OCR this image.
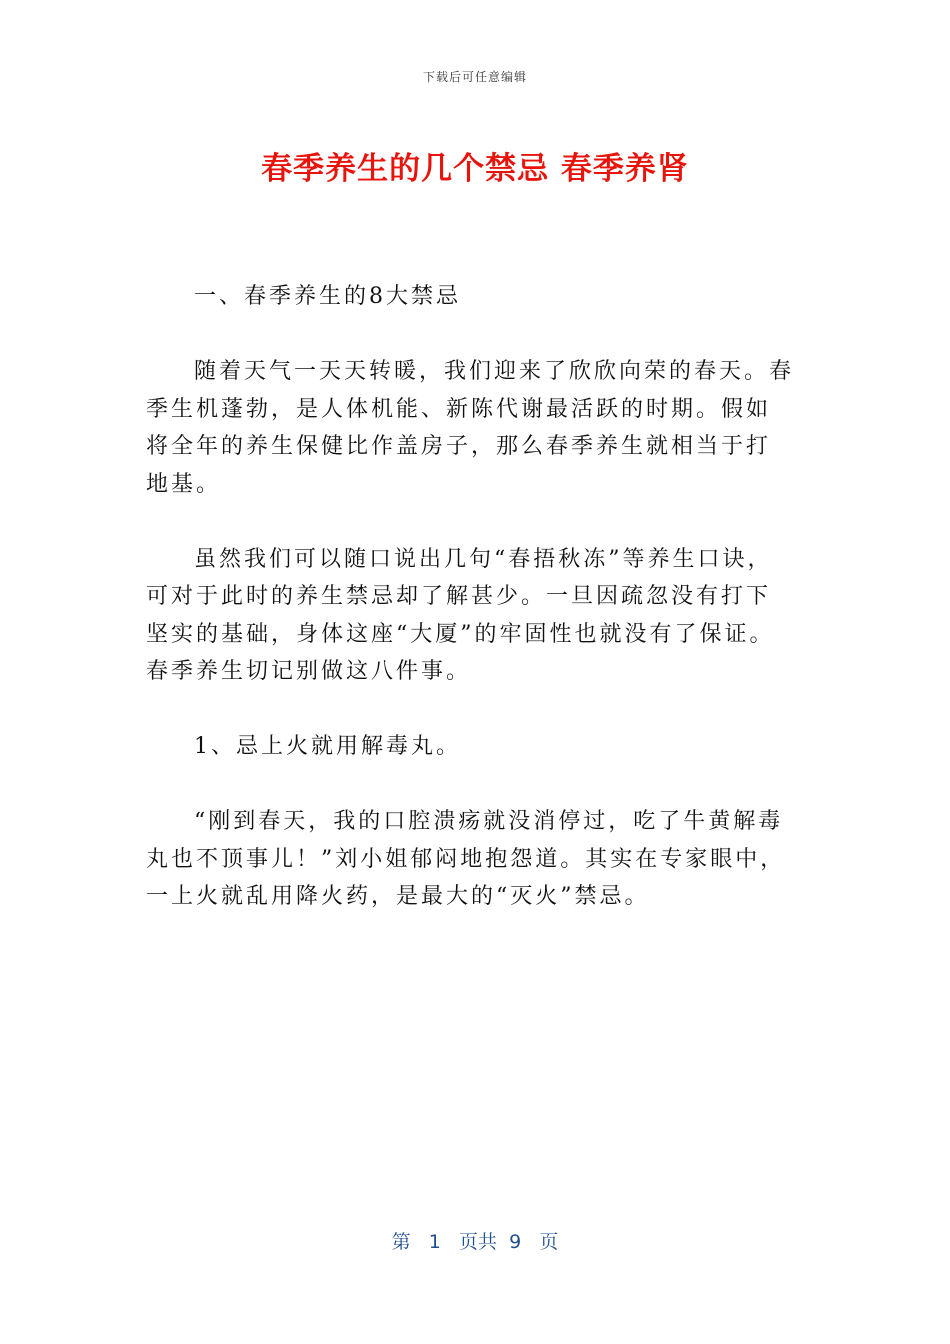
下载后可任意编辑
春季养生的几个禁忌 春季养肾

一、春季养生的8大禁忌

随着天气一天天转暖，我们迎来了欣欣向荣的春天。春季生机蓬勃，是人体机能、新陈代谢最活跃的时期。假如将全年的养生保健比作盖房子，那么春季养生就相当于打地基。

虽然我们可以随口说出几句“春捂秋冻”等养生口诀，可对于此时的养生禁忌却了解甚少。一旦因疏忽没有打下坚实的基础，身体这座“大厦”的牢固性也就没有了保证。春季养生切记别做这八件事。

1、忌上火就用解毒丸。

“刚到春天，我的口腔溃疡就没消停过，吃了牛黄解毒丸也不顶事儿！”刘小姐郁闷地抱怨道。其实在专家眼中，一上火就乱用降火药，是最大的“灭火”禁忌。

第 1 页共 9 页
